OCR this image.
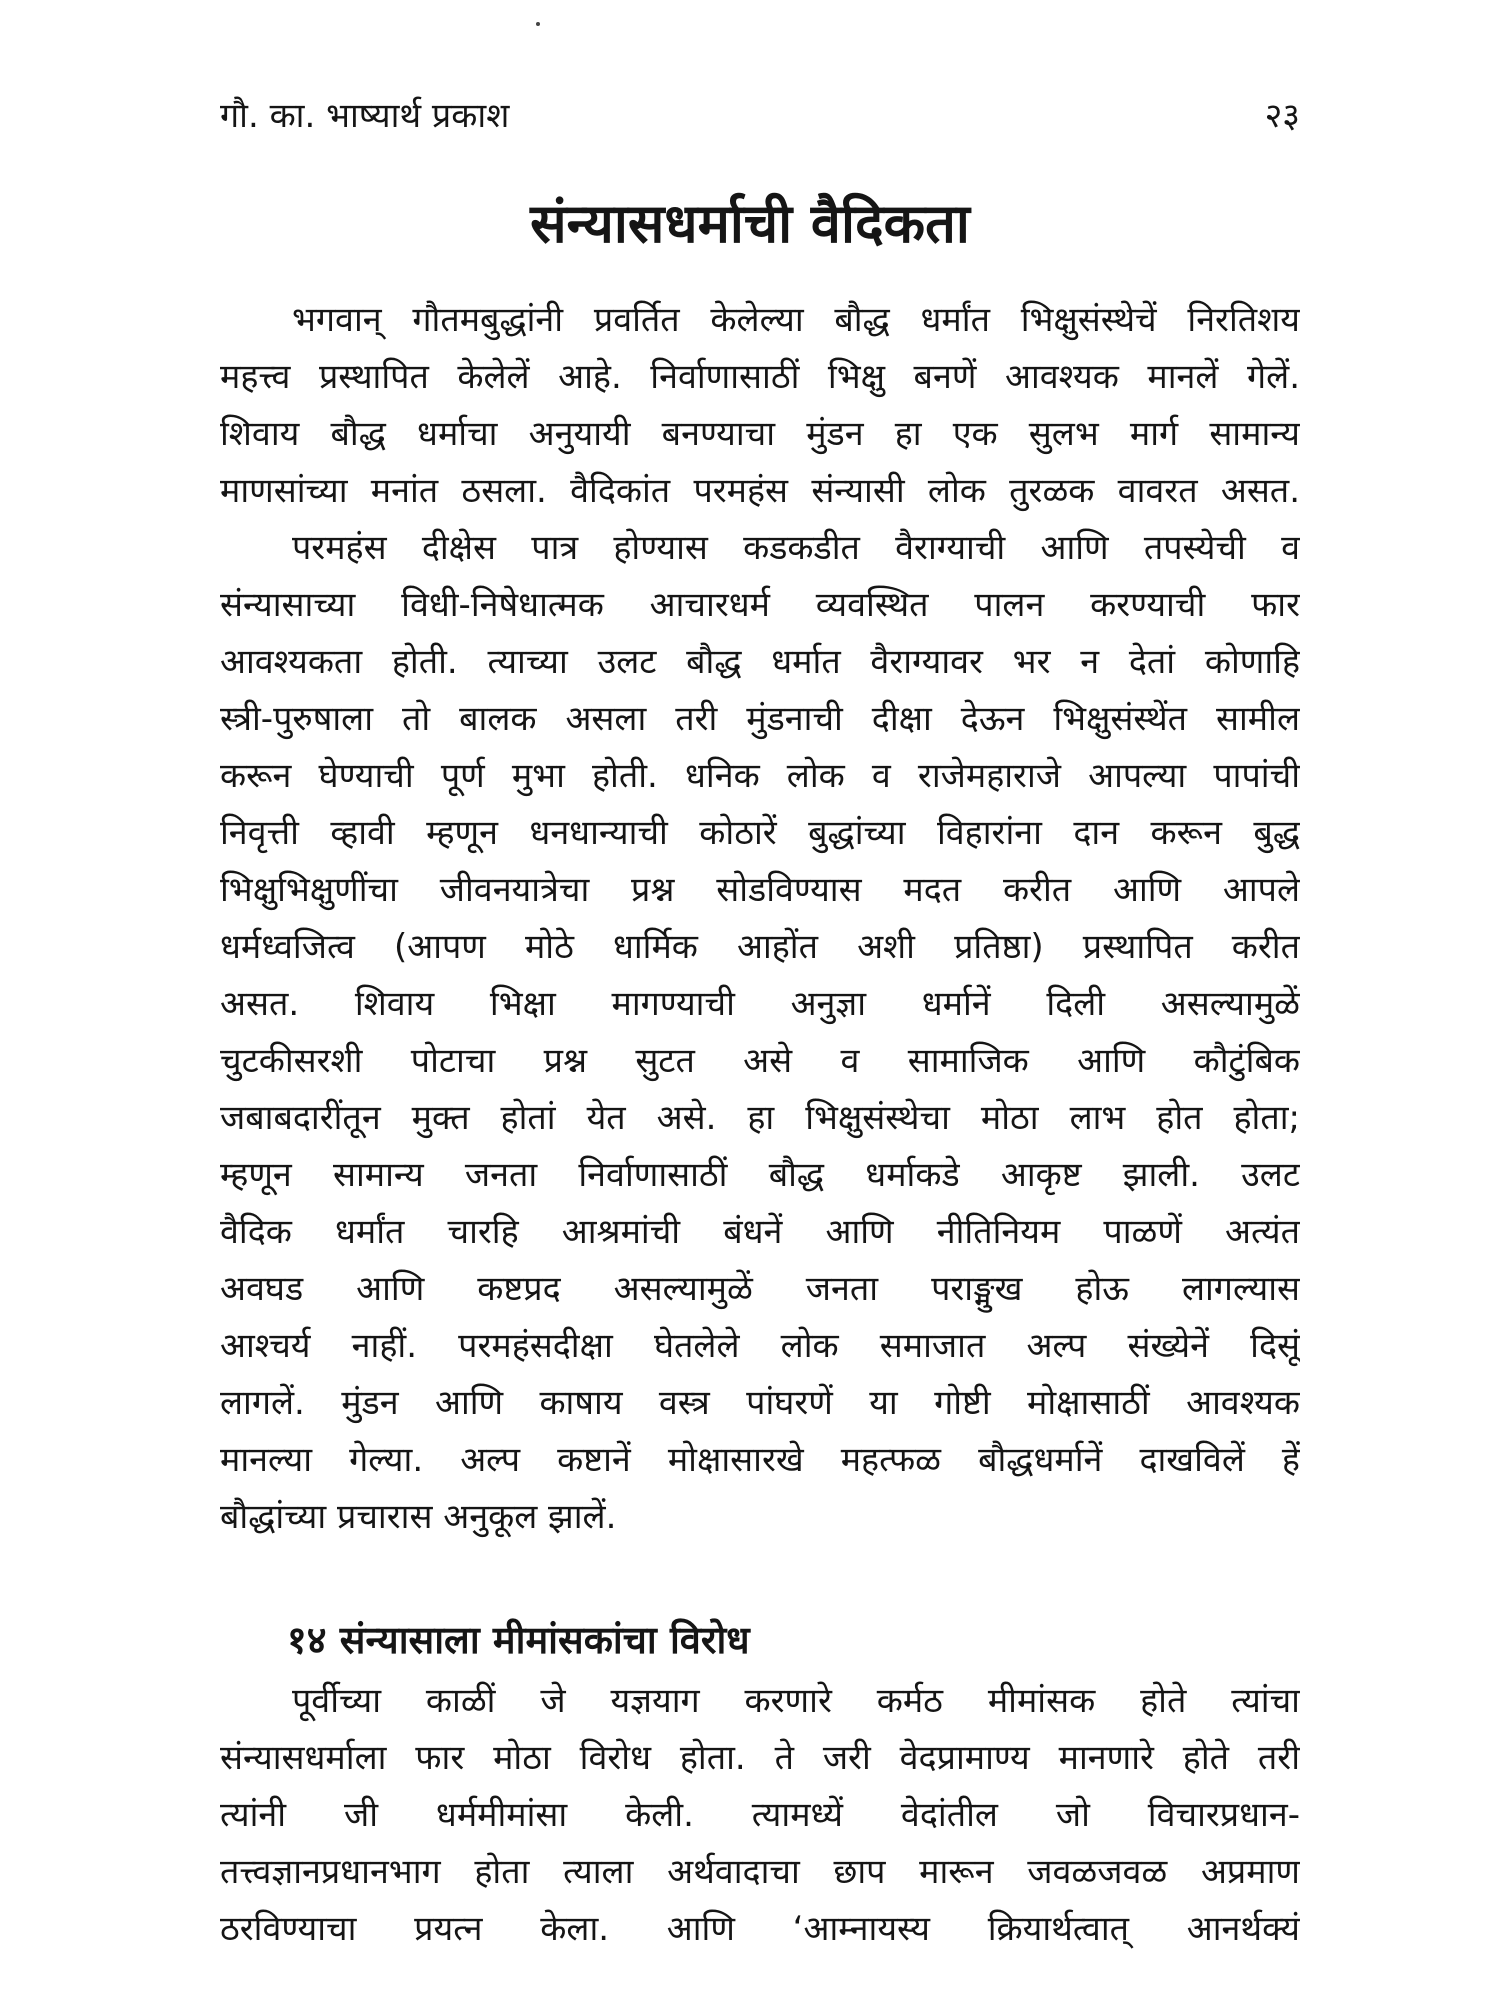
गौ. का. भाष्यार्थ प्रकाश	२३
संन्यासधर्माची वैदिकता
भगवान् गौतमबुद्धांनी प्रवर्तित केलेल्या बौद्ध धर्मांत भिक्षुसंस्थेचें निरतिशय
महत्त्व प्रस्थापित केलेलें आहे. निर्वाणासाठीं भिक्षु बनणें आवश्यक मानलें गेलें.
शिवाय बौद्ध धर्माचा अनुयायी बनण्याचा मुंडन हा एक सुलभ मार्ग सामान्य
माणसांच्या मनांत ठसला. वैदिकांत परमहंस संन्यासी लोक तुरळक वावरत असत.
परमहंस दीक्षेस पात्र होण्यास कडकडीत वैराग्याची आणि तपस्येची व
संन्यासाच्या विधी-निषेधात्मक आचारधर्म व्यवस्थित पालन करण्याची फार
आवश्यकता होती. त्याच्या उलट बौद्ध धर्मात वैराग्यावर भर न देतां कोणाहि
स्त्री-पुरुषाला तो बालक असला तरी मुंडनाची दीक्षा देऊन भिक्षुसंस्थेंत सामील
करून घेण्याची पूर्ण मुभा होती. धनिक लोक व राजेमहाराजे आपल्या पापांची
निवृत्ती व्हावी म्हणून धनधान्याची कोठारें बुद्धांच्या विहारांना दान करून बुद्ध
भिक्षुभिक्षुणींचा जीवनयात्रेचा प्रश्न सोडविण्यास मदत करीत आणि आपले
धर्मध्वजित्व (आपण मोठे धार्मिक आहोंत अशी प्रतिष्ठा) प्रस्थापित करीत
असत. शिवाय भिक्षा मागण्याची अनुज्ञा धर्मानें दिली असल्यामुळें
चुटकीसरशी पोटाचा प्रश्न सुटत असे व सामाजिक आणि कौटुंबिक
जबाबदारींतून मुक्त होतां येत असे. हा भिक्षुसंस्थेचा मोठा लाभ होत होता;
म्हणून सामान्य जनता निर्वाणासाठीं बौद्ध धर्माकडे आकृष्ट झाली. उलट
वैदिक धर्मांत चारहि आश्रमांची बंधनें आणि नीतिनियम पाळणें अत्यंत
अवघड आणि कष्टप्रद असल्यामुळें जनता पराङ्मुख होऊ लागल्यास
आश्चर्य नाहीं. परमहंसदीक्षा घेतलेले लोक समाजात अल्प संख्येनें दिसूं
लागलें. मुंडन आणि काषाय वस्त्र पांघरणें या गोष्टी मोक्षासाठीं आवश्यक
मानल्या गेल्या. अल्प कष्टानें मोक्षासारखे महत्फळ बौद्धधर्मानें दाखविलें हें
बौद्धांच्या प्रचारास अनुकूल झालें.
१४ संन्यासाला मीमांसकांचा विरोध
पूर्वीच्या काळीं जे यज्ञयाग करणारे कर्मठ मीमांसक होते त्यांचा
संन्यासधर्माला फार मोठा विरोध होता. ते जरी वेदप्रामाण्य मानणारे होते तरी
त्यांनी जी धर्ममीमांसा केली. त्यामध्यें वेदांतील जो विचारप्रधान-
तत्त्वज्ञानप्रधानभाग होता त्याला अर्थवादाचा छाप मारून जवळजवळ अप्रमाण
ठरविण्याचा प्रयत्न केला. आणि ‘आम्नायस्य क्रियार्थत्वात् आनर्थक्यं
